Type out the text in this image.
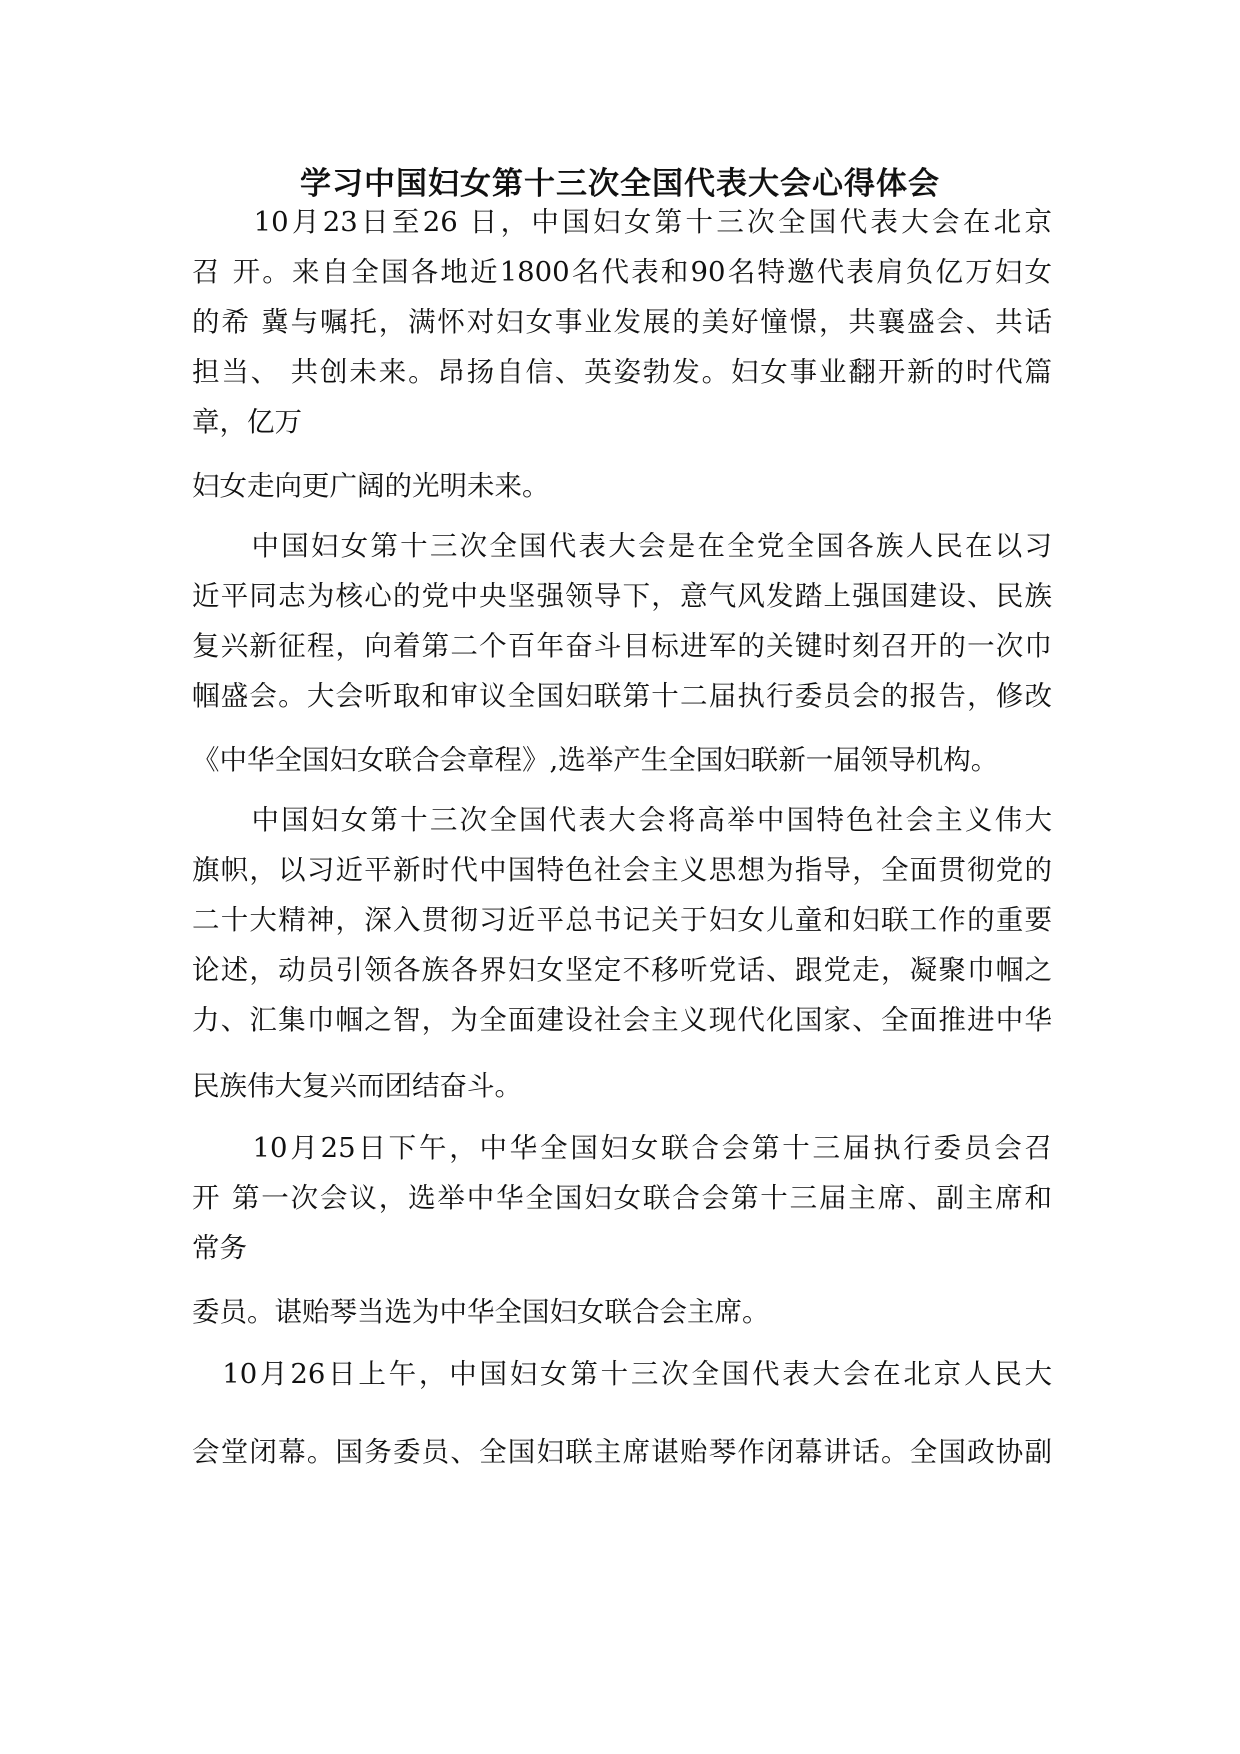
学习中国妇女第十三次全国代表大会心得体会
　　10月23日至26 日，中国妇女第十三次全国代表大会在北京
召 开。来自全国各地近1800名代表和90名特邀代表肩负亿万妇女
的希 冀与嘱托，满怀对妇女事业发展的美好憧憬，共襄盛会、共话
担当、 共创未来。昂扬自信、英姿勃发。妇女事业翻开新的时代篇
章，亿万
妇女走向更广阔的光明未来。
　　中国妇女第十三次全国代表大会是在全党全国各族人民在以习
近平同志为核心的党中央坚强领导下，意气风发踏上强国建设、民族
复兴新征程，向着第二个百年奋斗目标进军的关键时刻召开的一次巾
帼盛会。大会听取和审议全国妇联第十二届执行委员会的报告，修改
《中华全国妇女联合会章程》,选举产生全国妇联新一届领导机构。
　　中国妇女第十三次全国代表大会将高举中国特色社会主义伟大
旗帜，以习近平新时代中国特色社会主义思想为指导，全面贯彻党的
二十大精神，深入贯彻习近平总书记关于妇女儿童和妇联工作的重要
论述，动员引领各族各界妇女坚定不移听党话、跟党走，凝聚巾帼之
力、汇集巾帼之智，为全面建设社会主义现代化国家、全面推进中华
民族伟大复兴而团结奋斗。
　　10月25日下午，中华全国妇女联合会第十三届执行委员会召
开 第一次会议，选举中华全国妇女联合会第十三届主席、副主席和
常务
委员。谌贻琴当选为中华全国妇女联合会主席。
　10月26日上午，中国妇女第十三次全国代表大会在北京人民大
会堂闭幕。国务委员、全国妇联主席谌贻琴作闭幕讲话。全国政协副
